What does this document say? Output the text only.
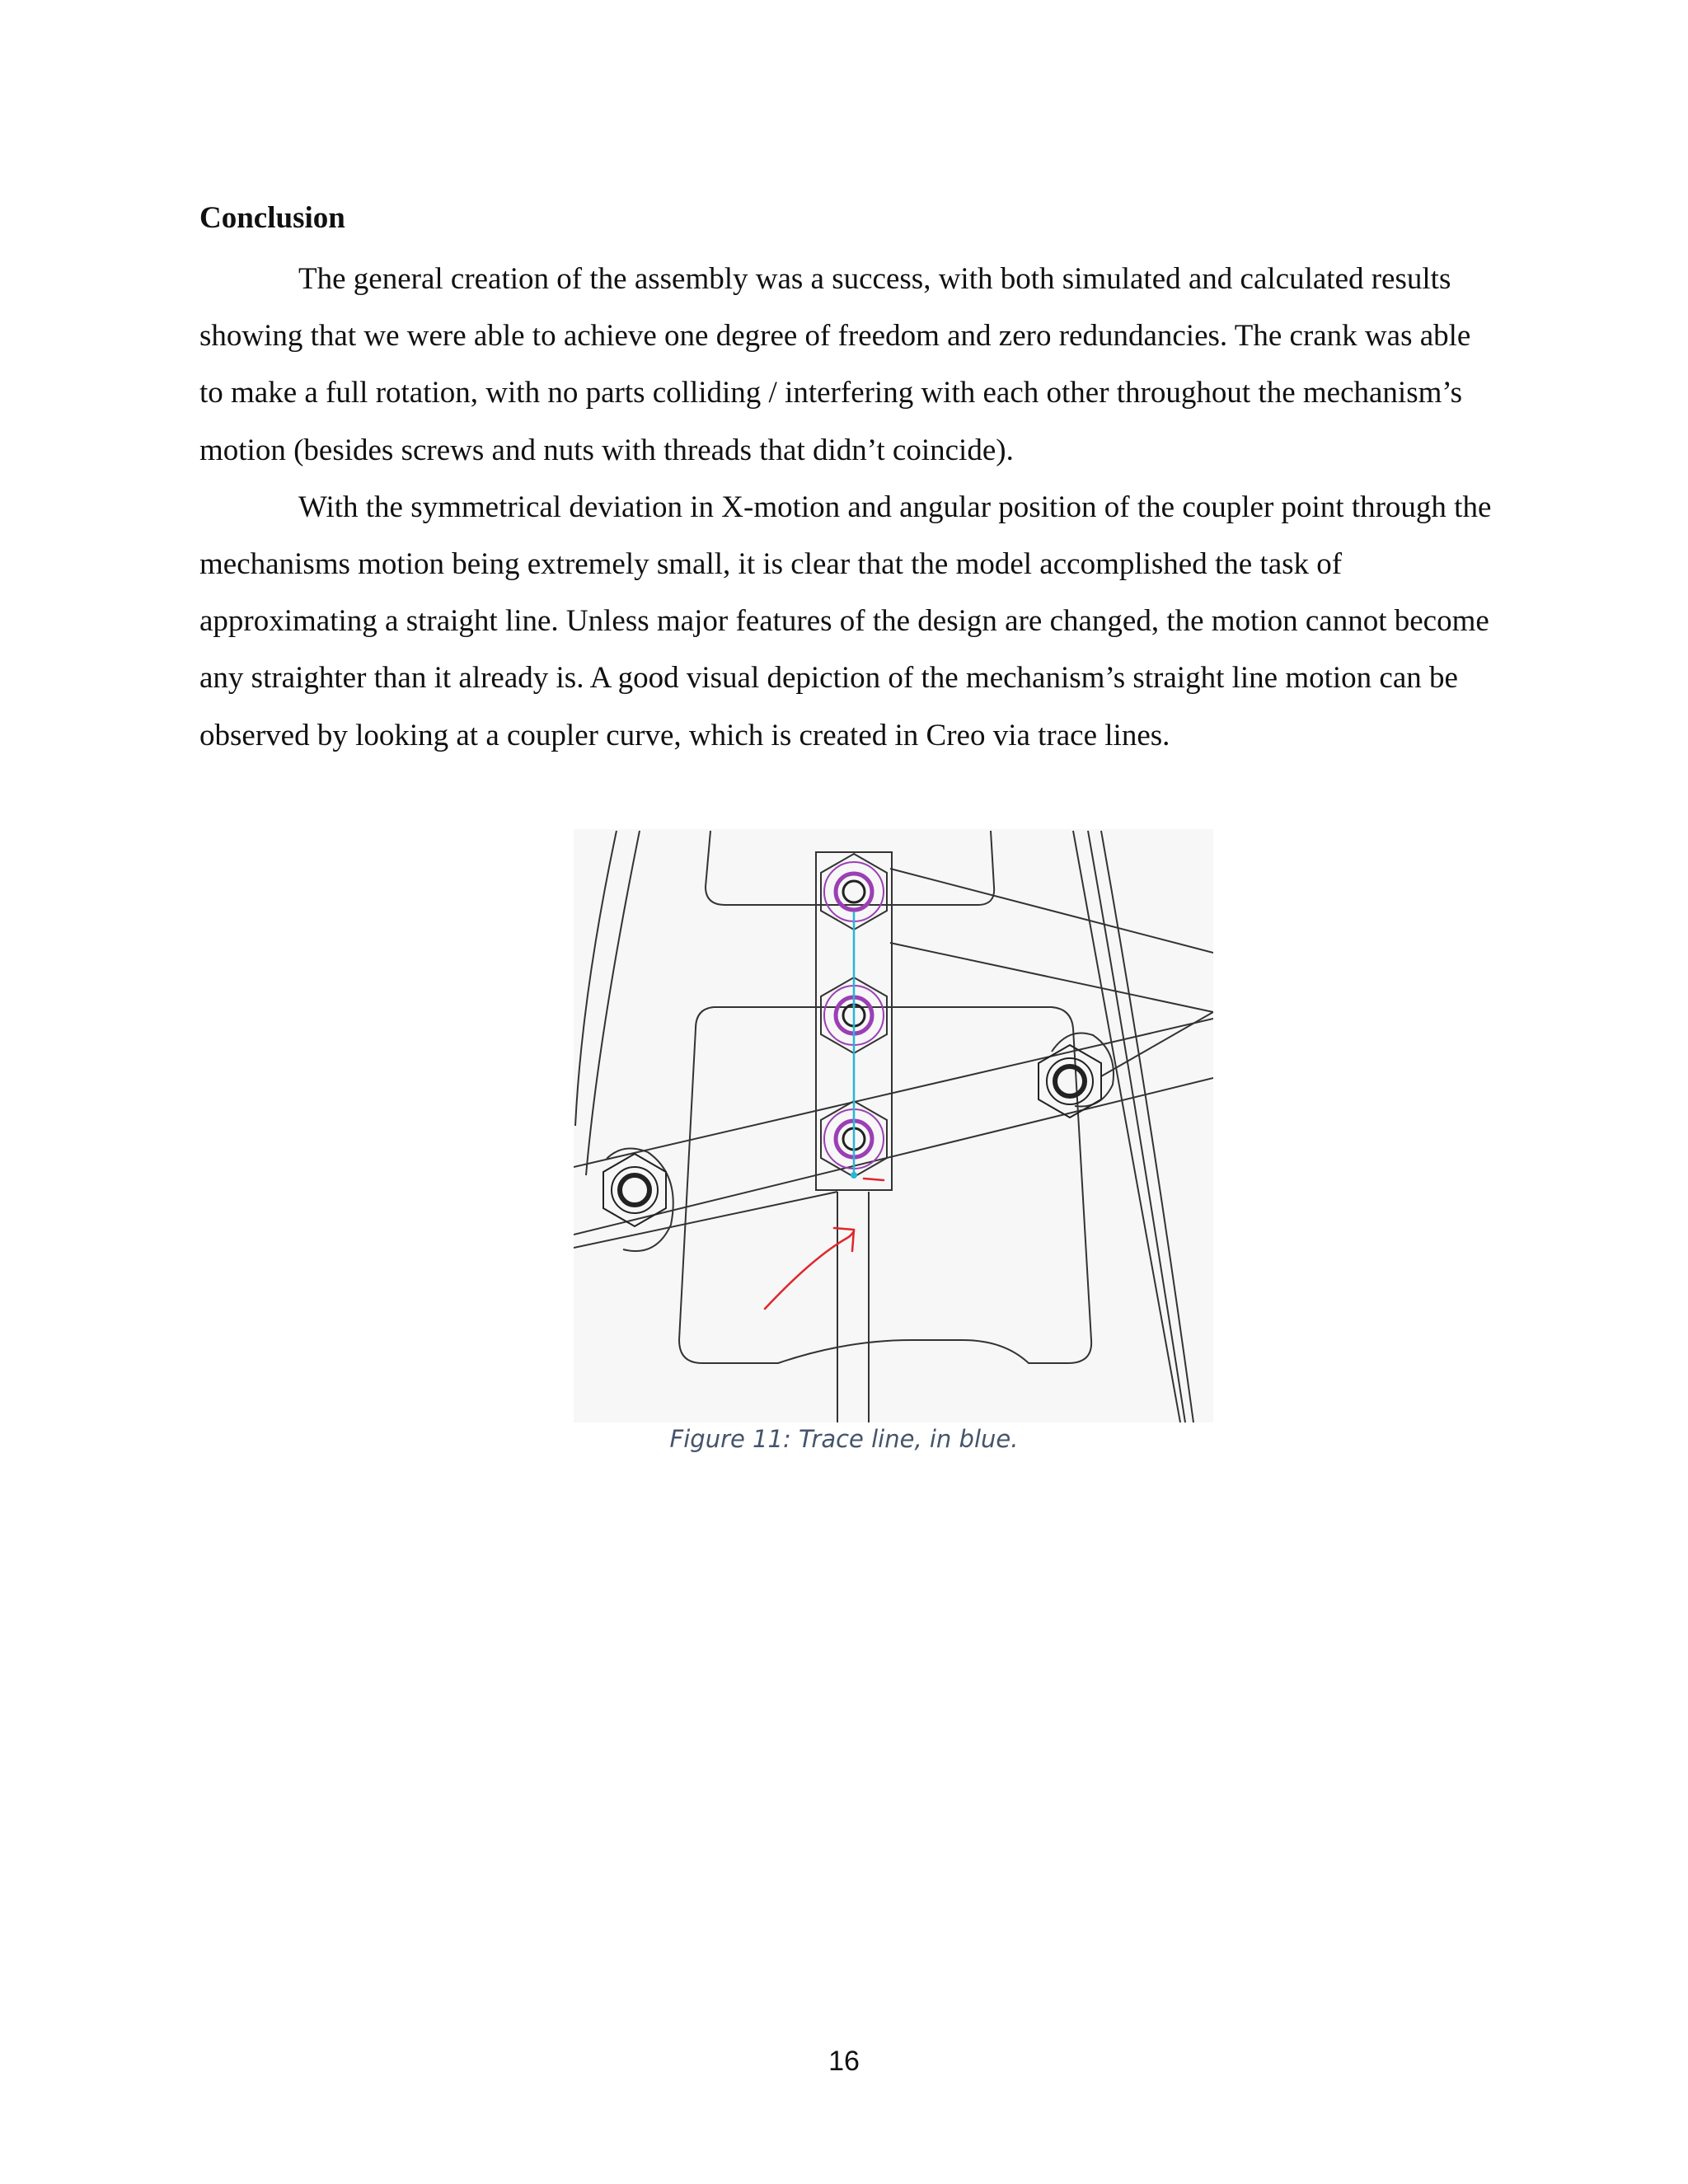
Conclusion

The general creation of the assembly was a success, with both simulated and calculated results showing that we were able to achieve one degree of freedom and zero redundancies. The crank was able to make a full rotation, with no parts colliding / interfering with each other throughout the mechanism’s motion (besides screws and nuts with threads that didn’t coincide).

With the symmetrical deviation in X-motion and angular position of the coupler point through the mechanisms motion being extremely small, it is clear that the model accomplished the task of approximating a straight line. Unless major features of the design are changed, the motion cannot become any straighter than it already is. A good visual depiction of the mechanism’s straight line motion can be observed by looking at a coupler curve, which is created in Creo via trace lines.

Figure 11: Trace line, in blue.
16
